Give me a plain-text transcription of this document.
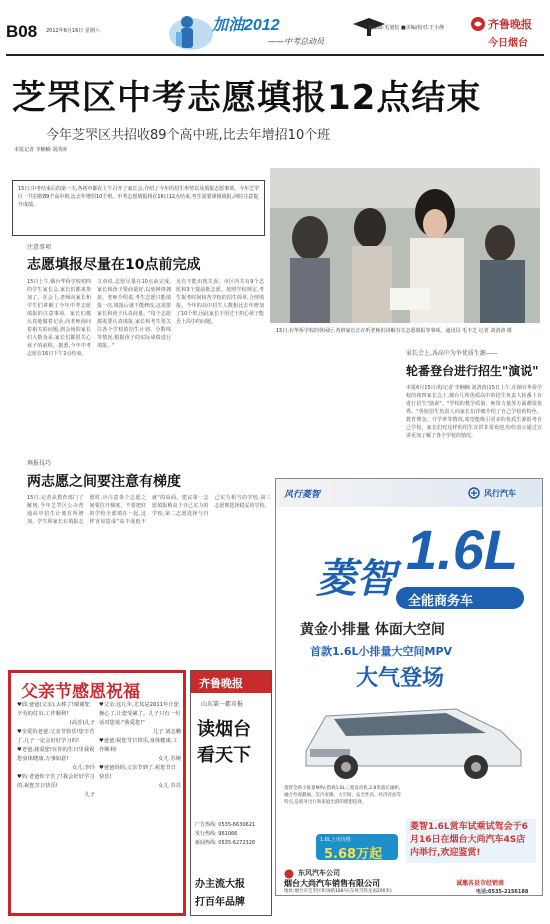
B08 2012年6月16日 星期六	加油2012
——中考总动员
■编辑:毛旭松 ■美编/校对:王小静	齐鲁晚报
今日烟台
芝罘区中考志愿填报12点结束
今年芝罘区共招收89个高中班,比去年增招10个班
本报记者 李楠楠 刘清涛
15日,中考结束后的第一天,各初中都在上午召开了家长会,介绍了今年的招生形势以及填报志愿事项。今年芝罘区一共招收89个高中班,比去年增招10个班。中考志愿填报将在16日12点结束,考生需要谨慎填报,同时注意提升成绩。
15日,在华侨学校的休闲厅,各班家长正在听老师们讲解有关志愿填报等事项。通讯员 毛丰芝 记者 刘清涛 摄
注意事项
志愿填报尽量在10点前完成
15日上午,烟台华侨学校初四的学生家长会,家长们都来参加了。在会上,老师向家长和学生们讲解了今年中考志愿填报的注意事项。家长们都认真地做着记录,向老师询问着相关的问题,到会场的家长们人数众多,家长们都很关心孩子的前程。据悉,今年中考志愿在16日下午2点结束。
文章说,志愿尽量在10点前完成,家长和孩子要商量好,以免网络拥挤。老师介绍说,考生志愿只能填报一次,填报后就不能修改,这需要家长和孩子认真商量。"每个志愿都需要认真填报,家长和考生要关注各个学校的招生计划、分数线等情况,根据孩子的实际成绩进行填报。"
另有不能出现失误。市区内共有9个志愿和3个提前批志愿。按照学校规定,考生报考时间和各学校的招生简章,合理填报。今年的高中招生人数相比去年增加了10个班,因此家长不用过于担心孩子能否上高中的问题。
家长会上,各高中为争优质生源——
轮番登台进行招生"演说"
本报6月15日讯(记者 李楠楠 刘清涛)15日上午,在烟台华侨学校的初四家长会上,烟台几所优质高中的招生负责人轮番上台进行招生"演说"。"学校的教学质量、师资力量等方面都很优秀。"各校招生负责人向家长们详细介绍了自己学校的特色、教育理念、升学率等情况,希望能吸引更多的优质生源报考自己学校。家长们对这样的招生宣讲非常欢迎,纷纷表示通过宣讲更加了解了各个学校的情况。
填报技巧
两志愿之间要注意有梯度
15日,记者从教育部门了解到,今年芝罘区公办普通高中招生计划有所增加。学生和家长在填报志愿时,应注意各个志愿之间要拉开梯度。不要把好的学校全部填在一起,这样容易造成"高不成低不就"的局面。建议第一志愿填报稍高于自己实力的学校,第二志愿选择与自己实力相当的学校,第三志愿则选择稳妥的学校。
风行菱智	风行汽车
菱智 1.6L
全能商务车
黄金小排量 体面大空间
首款1.6L小排量大空间MPV
大气登场
菱智全新小排量MPV,搭载1.6L三菱发动机,2.8米超长轴距,融合外观靓丽、室内宽敞、大空间、安全性高、经济省油等特点,是商务出行和家庭出游的理想选择。
1.6L上市价格
5.68万起
菱智1.6L赏车试乘试驾会于6月16日在烟台大尚汽车4S店内举行,欢迎鉴赏!
东风汽车公司
烟台大尚汽车销售有限公司	诚邀各县市经销商
地址:烟台市芝罘区机场路188号(东风雪铁龙南200米)	电话:0535-2156188
父亲节感恩祝福
♥邱:爸爸(父亲),太棒了!谢谢您辛劳的付出,工作顺利!
(高芳)儿子
♥亲爱的老爸:父亲节快乐!您辛苦了,儿子一定会好好学习的!
♥老爸,我爱您!在你的生日里我祝您身体健康,万事如意!
女儿:李玲
♥妈:老爸你辛苦了!我会好好学习的,祝您节日快乐!
儿子
♥父亲:这几年,尤其是2011年让您操心了,让您受累了。儿子只有一句话对您说:"我爱您!"
儿子 刘志鹏
♥爸爸:祝您节日快乐,身体健康,工作顺利!
女儿 苏婉
♥爸爸妈妈:父亲节到了,祝您节日快乐!
女儿 苏苏
齐鲁晚报
山东第一都市报
读烟台
看天下
广告热线: 0535-6630621
发行热线: 961066
新闻热线: 0535-6272328
办主流大报
打百年品牌
